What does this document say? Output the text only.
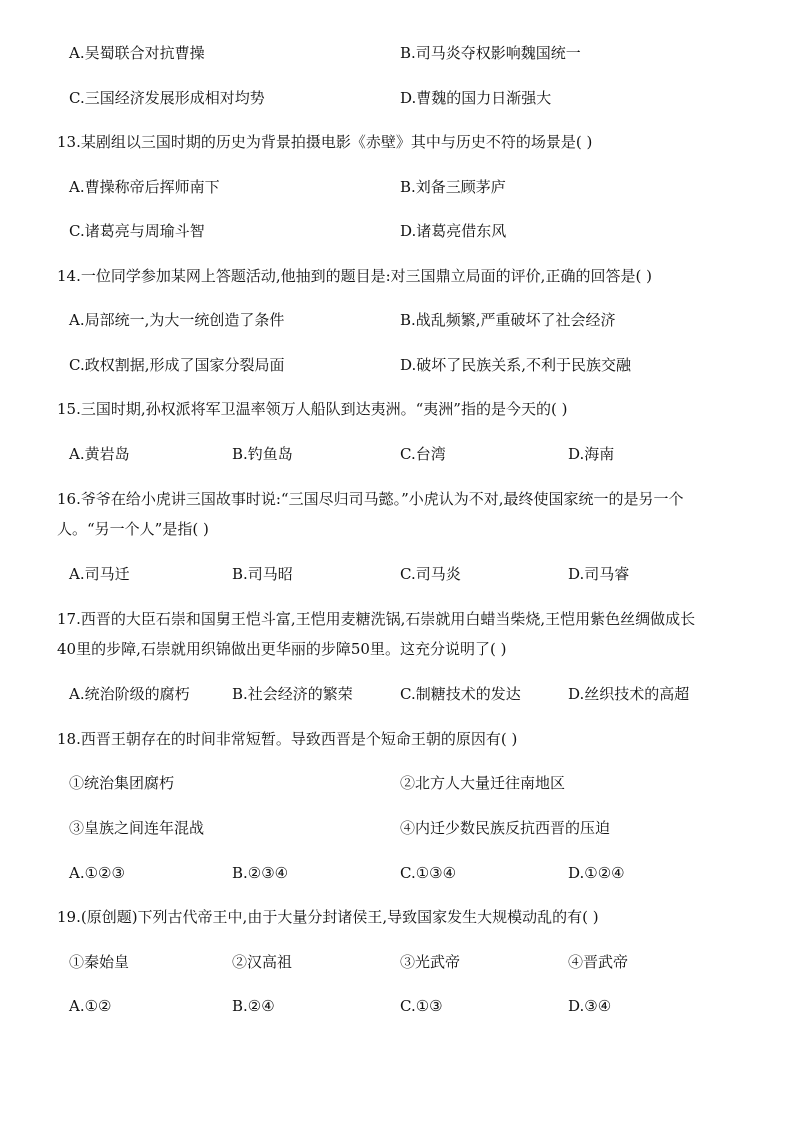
A.吴蜀联合对抗曹操	B.司马炎夺权影响魏国统一
C.三国经济发展形成相对均势	D.曹魏的国力日渐强大
13.某剧组以三国时期的历史为背景拍摄电影《赤壁》其中与历史不符的场景是( )
A.曹操称帝后挥师南下	B.刘备三顾茅庐
C.诸葛亮与周瑜斗智	D.诸葛亮借东风
14.一位同学参加某网上答题活动,他抽到的题目是:对三国鼎立局面的评价,正确的回答是( )
A.局部统一,为大一统创造了条件	B.战乱频繁,严重破坏了社会经济
C.政权割据,形成了国家分裂局面	D.破坏了民族关系,不利于民族交融
15.三国时期,孙权派将军卫温率领万人船队到达夷洲。“夷洲”指的是今天的( )
A.黄岩岛	B.钓鱼岛	C.台湾	D.海南
16.爷爷在给小虎讲三国故事时说:“三国尽归司马懿。”小虎认为不对,最终使国家统一的是另一个
人。“另一个人”是指( )
A.司马迁	B.司马昭	C.司马炎	D.司马睿
17.西晋的大臣石崇和国舅王恺斗富,王恺用麦糖洗锅,石崇就用白蜡当柴烧,王恺用紫色丝绸做成长
40里的步障,石崇就用织锦做出更华丽的步障50里。这充分说明了( )
A.统治阶级的腐朽	B.社会经济的繁荣	C.制糖技术的发达	D.丝织技术的高超
18.西晋王朝存在的时间非常短暂。导致西晋是个短命王朝的原因有( )
①统治集团腐朽	②北方人大量迁往南地区
③皇族之间连年混战	④内迁少数民族反抗西晋的压迫
A.①②③	B.②③④	C.①③④	D.①②④
19.(原创题)下列古代帝王中,由于大量分封诸侯王,导致国家发生大规模动乱的有( )
①秦始皇	②汉高祖	③光武帝	④晋武帝
A.①②	B.②④	C.①③	D.③④
